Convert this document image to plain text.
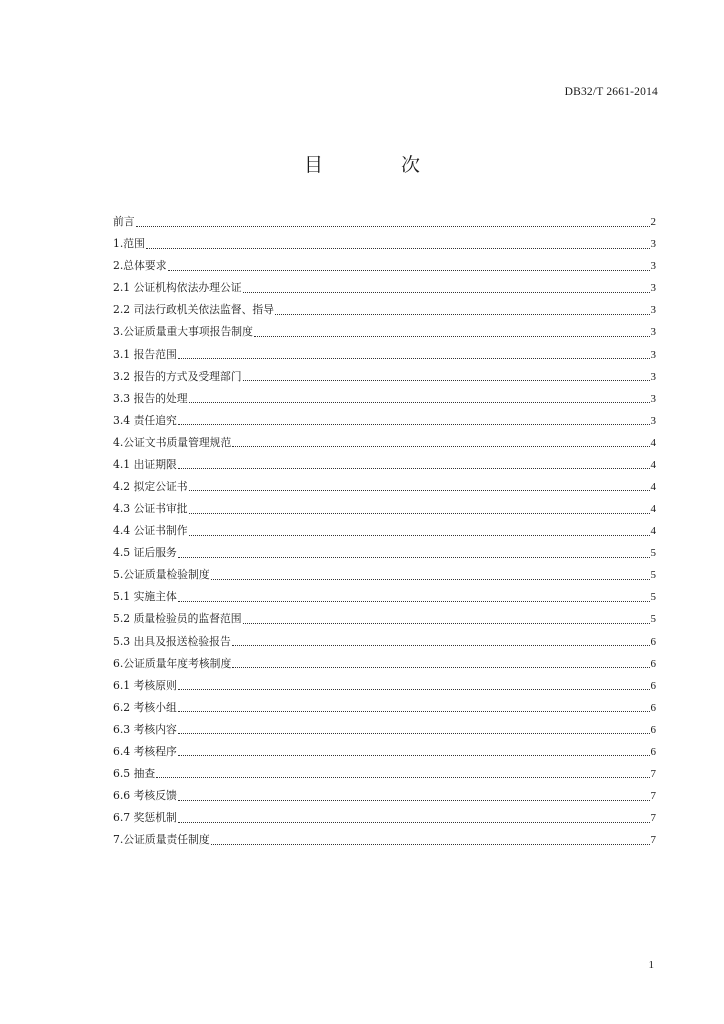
DB32/T 2661-2014
目 次
前言	2
1.范围	3
2.总体要求	3
2.1 公证机构依法办理公证	3
2.2 司法行政机关依法监督、指导	3
3.公证质量重大事项报告制度	3
3.1 报告范围	3
3.2 报告的方式及受理部门	3
3.3 报告的处理	3
3.4 责任追究	3
4.公证文书质量管理规范	4
4.1 出证期限	4
4.2 拟定公证书	4
4.3 公证书审批	4
4.4 公证书制作	4
4.5 证后服务	5
5.公证质量检验制度	5
5.1 实施主体	5
5.2 质量检验员的监督范围	5
5.3 出具及报送检验报告	6
6.公证质量年度考核制度	6
6.1 考核原则	6
6.2 考核小组	6
6.3 考核内容	6
6.4 考核程序	6
6.5 抽查	7
6.6 考核反馈	7
6.7 奖惩机制	7
7.公证质量责任制度	7
1
